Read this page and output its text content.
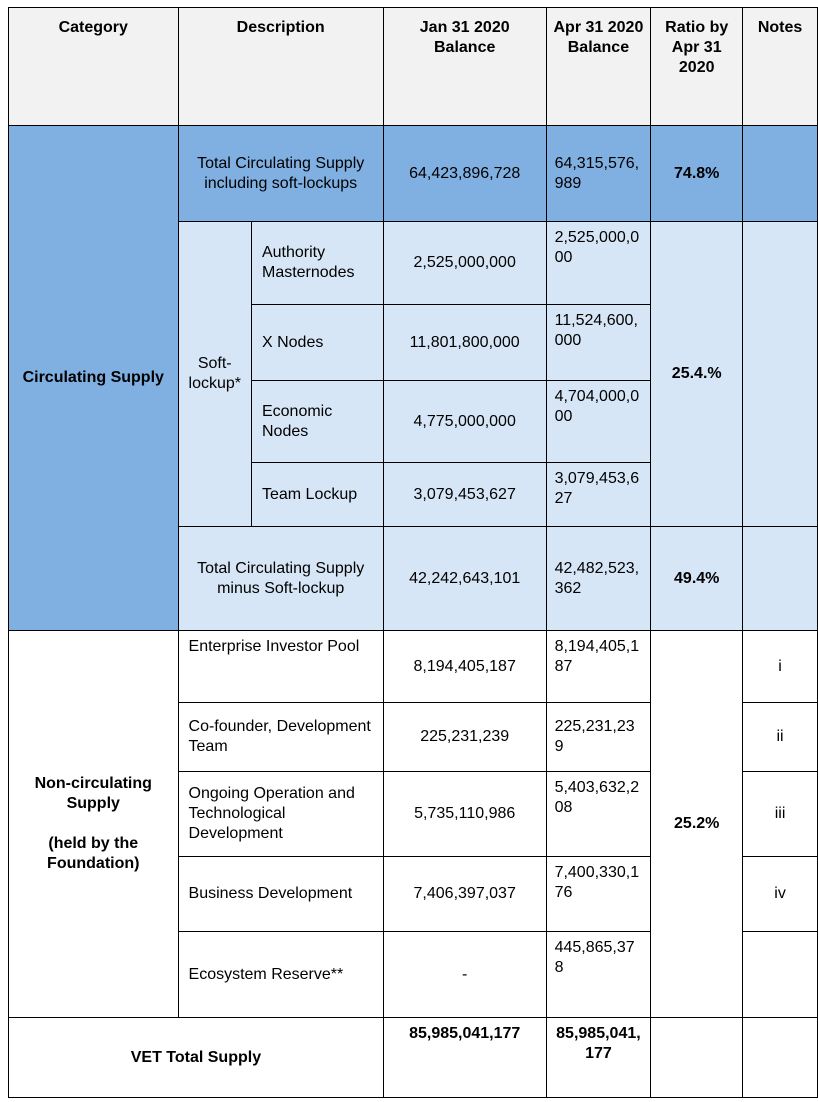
Category	Description		Jan 31 2020 Balance	Apr 31 2020 Balance	Ratio by Apr 31 2020	Notes
Circulating Supply	Total Circulating Supply including soft-lockups		64,423,896,728	64,315,576,989	74.8%	
	Soft-lockup*	Authority Masternodes	2,525,000,000	2,525,000,000	25.4.%	
		X Nodes	11,801,800,000	11,524,600,000		
		Economic Nodes	4,775,000,000	4,704,000,000		
		Team Lockup	3,079,453,627	3,079,453,627		
	Total Circulating Supply minus Soft-lockup		42,242,643,101	42,482,523,362	49.4%	

Non-circulating Supply
(held by the Foundation)	Enterprise Investor Pool		8,194,405,187	8,194,405,187	25.2%	i
	Co-founder, Development Team		225,231,239	225,231,239		ii
	Ongoing Operation and Technological Development		5,735,110,986	5,403,632,208		iii
	Business Development		7,406,397,037	7,400,330,176		iv
	Ecosystem Reserve**		-	445,865,378		
VET Total Supply			85,985,041,177	85,985,041,177		
